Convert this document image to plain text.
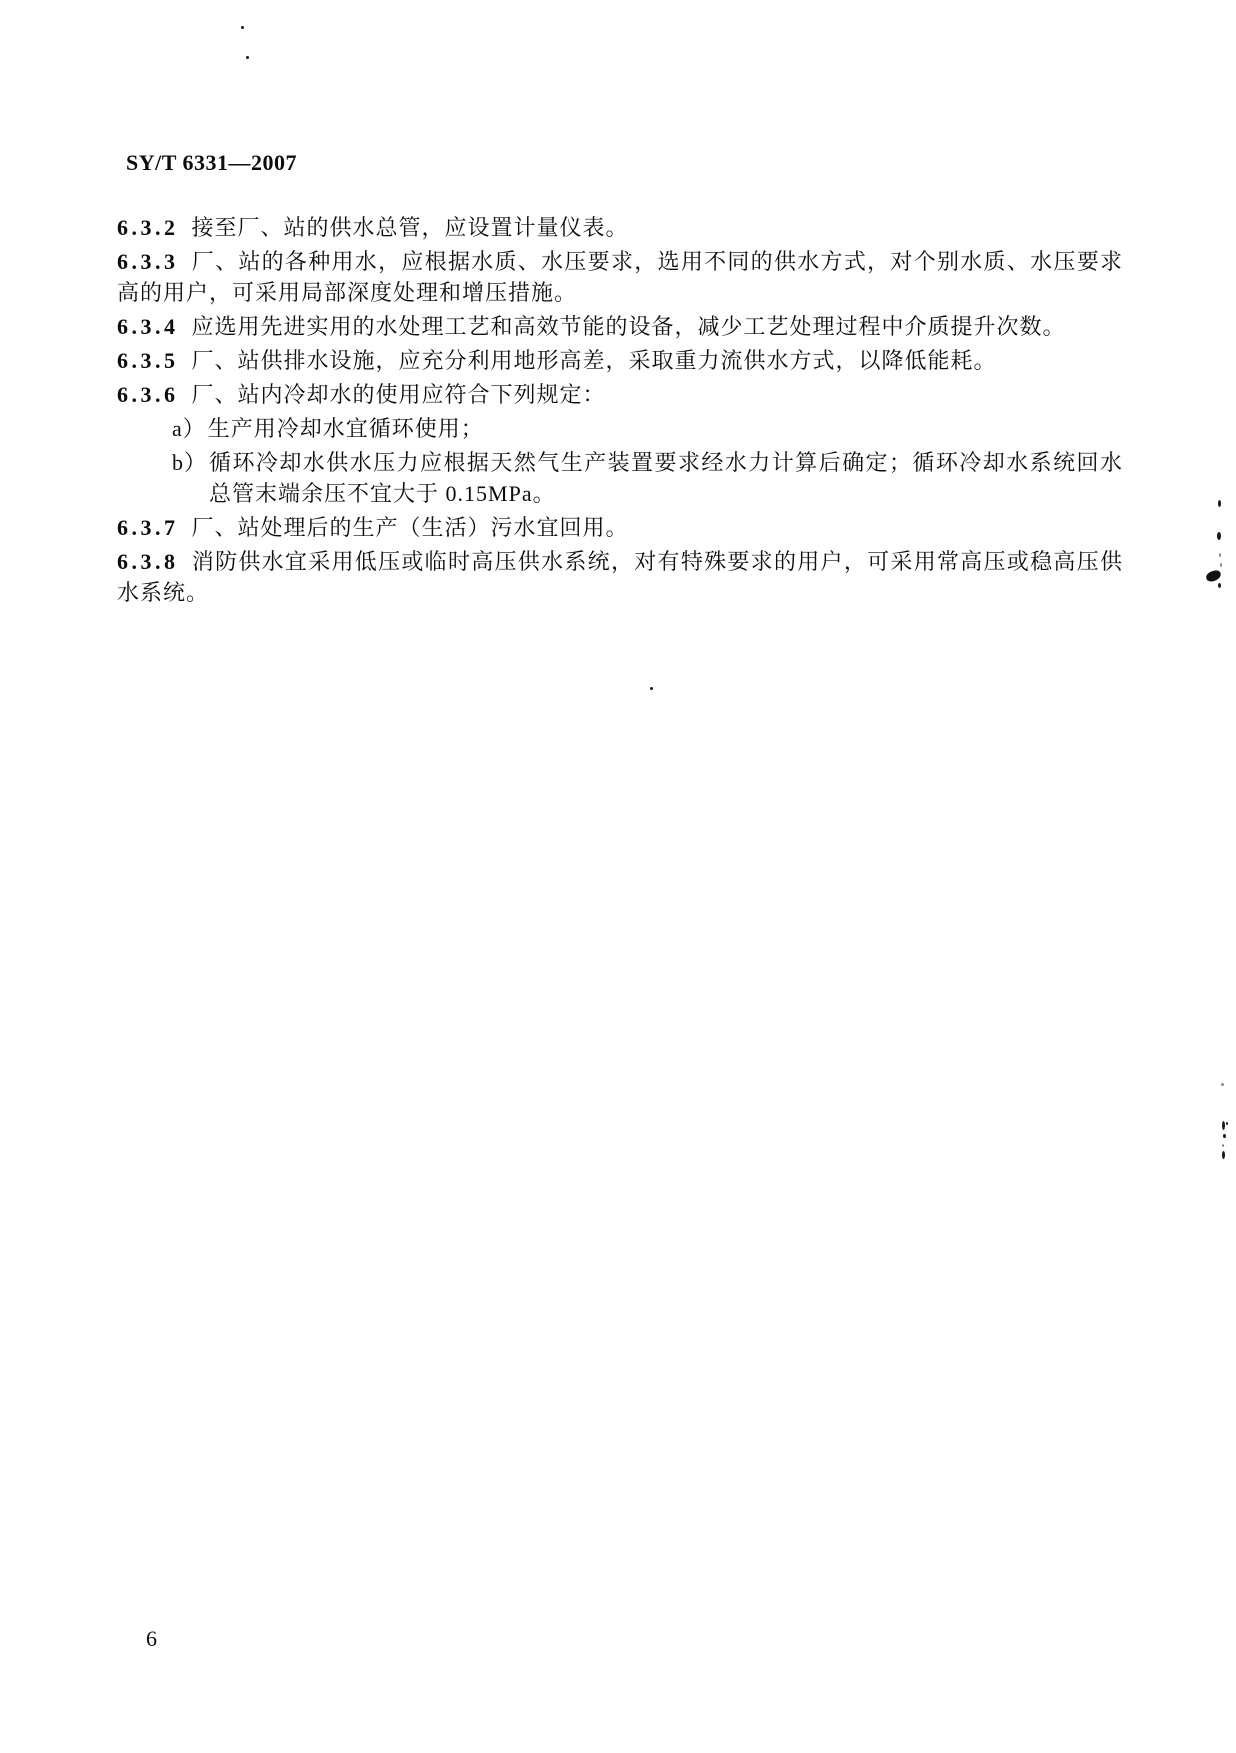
SY/T 6331—2007

6.3.2 接至厂、站的供水总管，应设置计量仪表。

6.3.3 厂、站的各种用水，应根据水质、水压要求，选用不同的供水方式，对个别水质、水压要求高的用户，可采用局部深度处理和增压措施。

6.3.4 应选用先进实用的水处理工艺和高效节能的设备，减少工艺处理过程中介质提升次数。

6.3.5 厂、站供排水设施，应充分利用地形高差，采取重力流供水方式，以降低能耗。

6.3.6 厂、站内冷却水的使用应符合下列规定：

a） 生产用冷却水宜循环使用；
b） 循环冷却水供水压力应根据天然气生产装置要求经水力计算后确定；循环冷却水系统回水总管末端余压不宜大于 0.15MPa。

6.3.7 厂、站处理后的生产（生活）污水宜回用。

6.3.8 消防供水宜采用低压或临时高压供水系统，对有特殊要求的用户，可采用常高压或稳高压供水系统。

6
